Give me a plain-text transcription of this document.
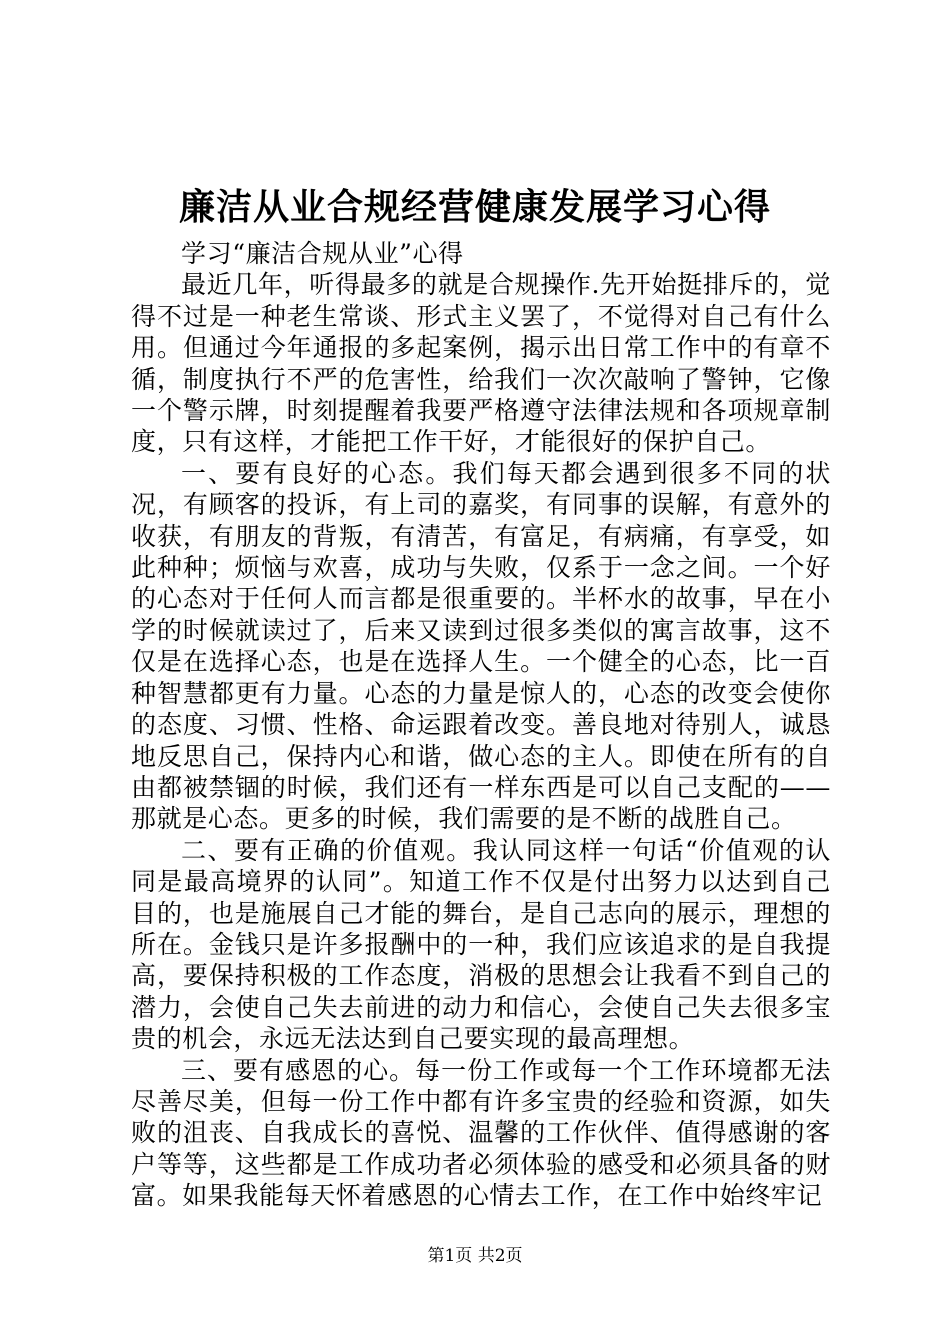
廉洁从业合规经营健康发展学习心得

学习“廉洁合规从业”心得

最近几年，听得最多的就是合规操作.先开始挺排斥的，觉得不过是一种老生常谈、形式主义罢了，不觉得对自己有什么用。但通过今年通报的多起案例，揭示出日常工作中的有章不循，制度执行不严的危害性，给我们一次次敲响了警钟，它像一个警示牌，时刻提醒着我要严格遵守法律法规和各项规章制度，只有这样，才能把工作干好，才能很好的保护自己。

一、要有良好的心态。我们每天都会遇到很多不同的状况，有顾客的投诉，有上司的嘉奖，有同事的误解，有意外的收获，有朋友的背叛，有清苦，有富足，有病痛，有享受，如此种种；烦恼与欢喜，成功与失败，仅系于一念之间。一个好的心态对于任何人而言都是很重要的。半杯水的故事，早在小学的时候就读过了，后来又读到过很多类似的寓言故事，这不仅是在选择心态，也是在选择人生。一个健全的心态，比一百种智慧都更有力量。心态的力量是惊人的，心态的改变会使你的态度、习惯、性格、命运跟着改变。善良地对待别人，诚恳地反思自己，保持内心和谐，做心态的主人。即使在所有的自由都被禁锢的时候，我们还有一样东西是可以自己支配的——那就是心态。更多的时候，我们需要的是不断的战胜自己。

二、要有正确的价值观。我认同这样一句话“价值观的认同是最高境界的认同”。知道工作不仅是付出努力以达到自己目的，也是施展自己才能的舞台，是自己志向的展示，理想的所在。金钱只是许多报酬中的一种，我们应该追求的是自我提高，要保持积极的工作态度，消极的思想会让我看不到自己的潜力，会使自己失去前进的动力和信心，会使自己失去很多宝贵的机会，永远无法达到自己要实现的最高理想。

三、要有感恩的心。每一份工作或每一个工作环境都无法尽善尽美，但每一份工作中都有许多宝贵的经验和资源，如失败的沮丧、自我成长的喜悦、温馨的工作伙伴、值得感谢的客户等等，这些都是工作成功者必须体验的感受和必须具备的财富。如果我能每天怀着感恩的心情去工作，在工作中始终牢记

第1页 共2页
